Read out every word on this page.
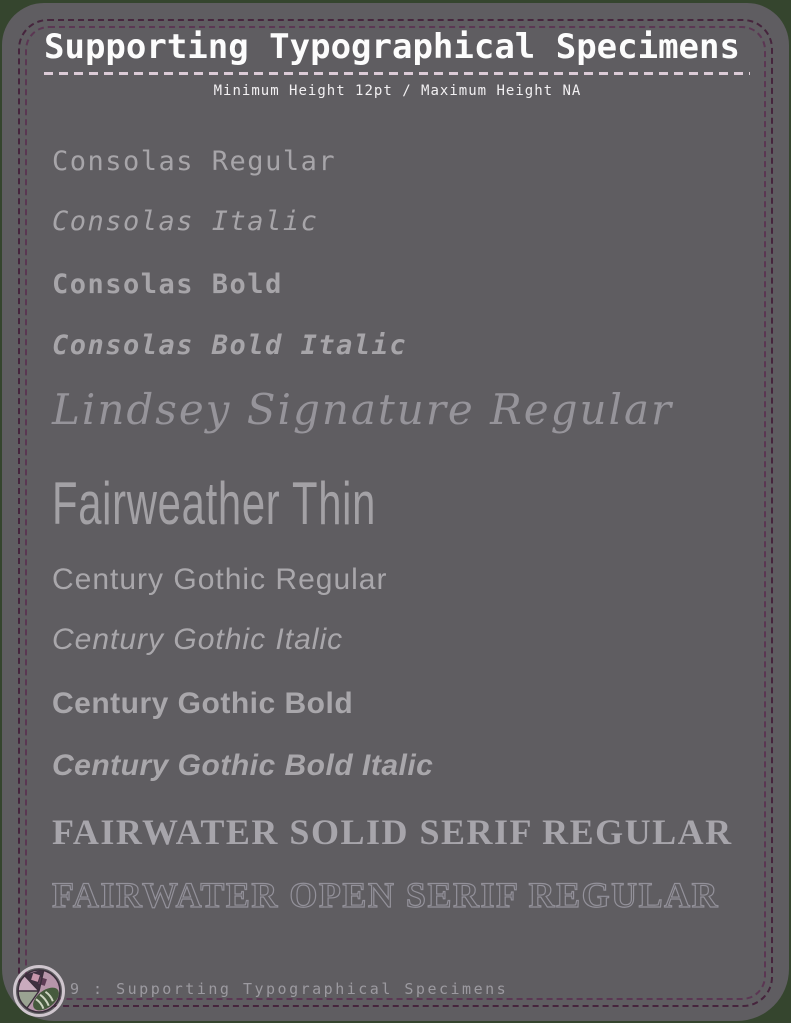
Supporting Typographical Specimens
Minimum Height 12pt / Maximum Height NA
Consolas Regular
Consolas Italic
Consolas Bold
Consolas Bold Italic
Lindsey Signature Regular
Fairweather Thin
Century Gothic Regular
Century Gothic Italic
Century Gothic Bold
Century Gothic Bold Italic
FAIRWATER SOLID SERIF REGULAR
FAIRWATER OPEN SERIF REGULAR
9 : Supporting Typographical Specimens
